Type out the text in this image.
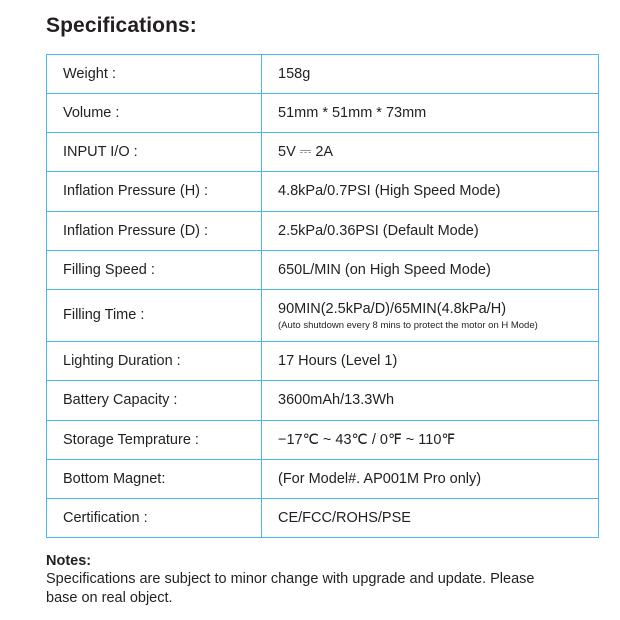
Specifications:
Weight :	158g
Volume :	51mm * 51mm * 73mm
INPUT I/O :	5V ⎓ 2A
Inflation Pressure (H) :	4.8kPa/0.7PSI (High Speed Mode)
Inflation Pressure (D) :	2.5kPa/0.36PSI (Default Mode)
Filling Speed :	650L/MIN (on High Speed Mode)
Filling Time :	90MIN(2.5kPa/D)/65MIN(4.8kPa/H)
(Auto shutdown every 8 mins to protect the motor on H Mode)

Lighting Duration :	17 Hours (Level 1)
Battery Capacity :	3600mAh/13.3Wh
Storage Temprature :	−17℃ ~ 43℃ / 0℉ ~ 110℉
Bottom Magnet:	(For Model#. AP001M Pro only)
Certification :	CE/FCC/ROHS/PSE
Notes:
Specifications are subject to minor change with upgrade and update. Please base on real object.
